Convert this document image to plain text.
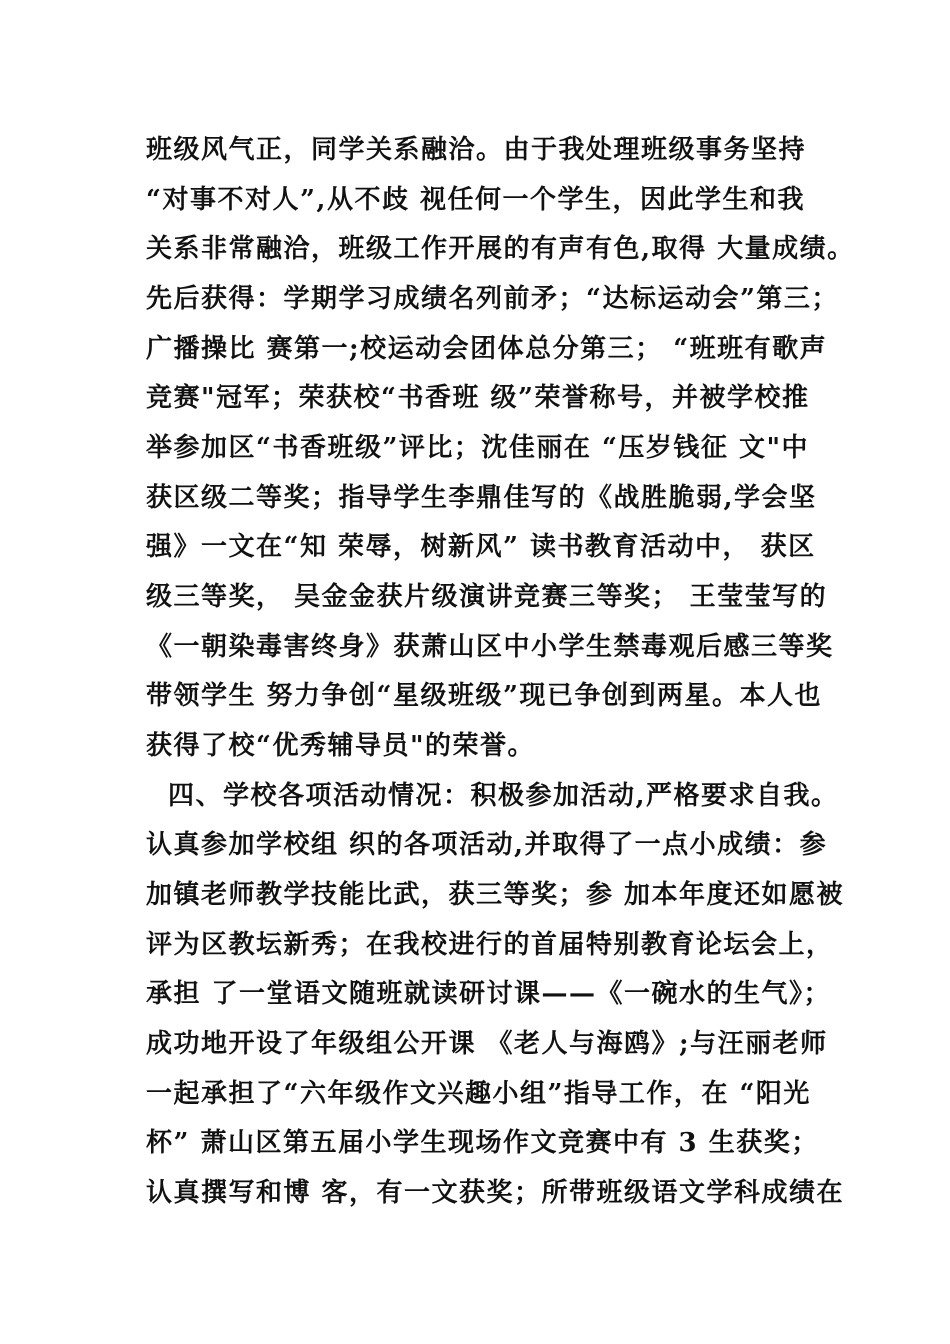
班级风气正，同学关系融洽。由于我处理班级事务坚持
“对事不对人”,从不歧 视任何一个学生，因此学生和我
关系非常融洽，班级工作开展的有声有色,取得 大量成绩。
先后获得：学期学习成绩名列前矛；“达标运动会”第三；
广播操比 赛第一;校运动会团体总分第三； “班班有歌声
竞赛"冠军；荣获校“书香班 级”荣誉称号，并被学校推
举参加区“书香班级”评比；沈佳丽在 “压岁钱征 文"中
获区级二等奖；指导学生李鼎佳写的《战胜脆弱,学会坚
强》一文在“知 荣辱，树新风” 读书教育活动中， 获区
级三等奖， 吴金金获片级演讲竞赛三等奖； 王莹莹写的
《一朝染毒害终身》获萧山区中小学生禁毒观后感三等奖
带领学生 努力争创“星级班级”现已争创到两星。本人也
获得了校“优秀辅导员"的荣誉。
四、学校各项活动情况：积极参加活动,严格要求自我。
认真参加学校组 织的各项活动,并取得了一点小成绩：参
加镇老师教学技能比武，获三等奖；参 加本年度还如愿被
评为区教坛新秀；在我校进行的首届特别教育论坛会上，
承担 了一堂语文随班就读研讨课——《一碗水的生气》；
成功地开设了年级组公开课 《老人与海鸥》;与汪丽老师
一起承担了“六年级作文兴趣小组”指导工作，在 “阳光
杯” 萧山区第五届小学生现场作文竞赛中有 3 生获奖；
认真撰写和博 客，有一文获奖；所带班级语文学科成绩在
